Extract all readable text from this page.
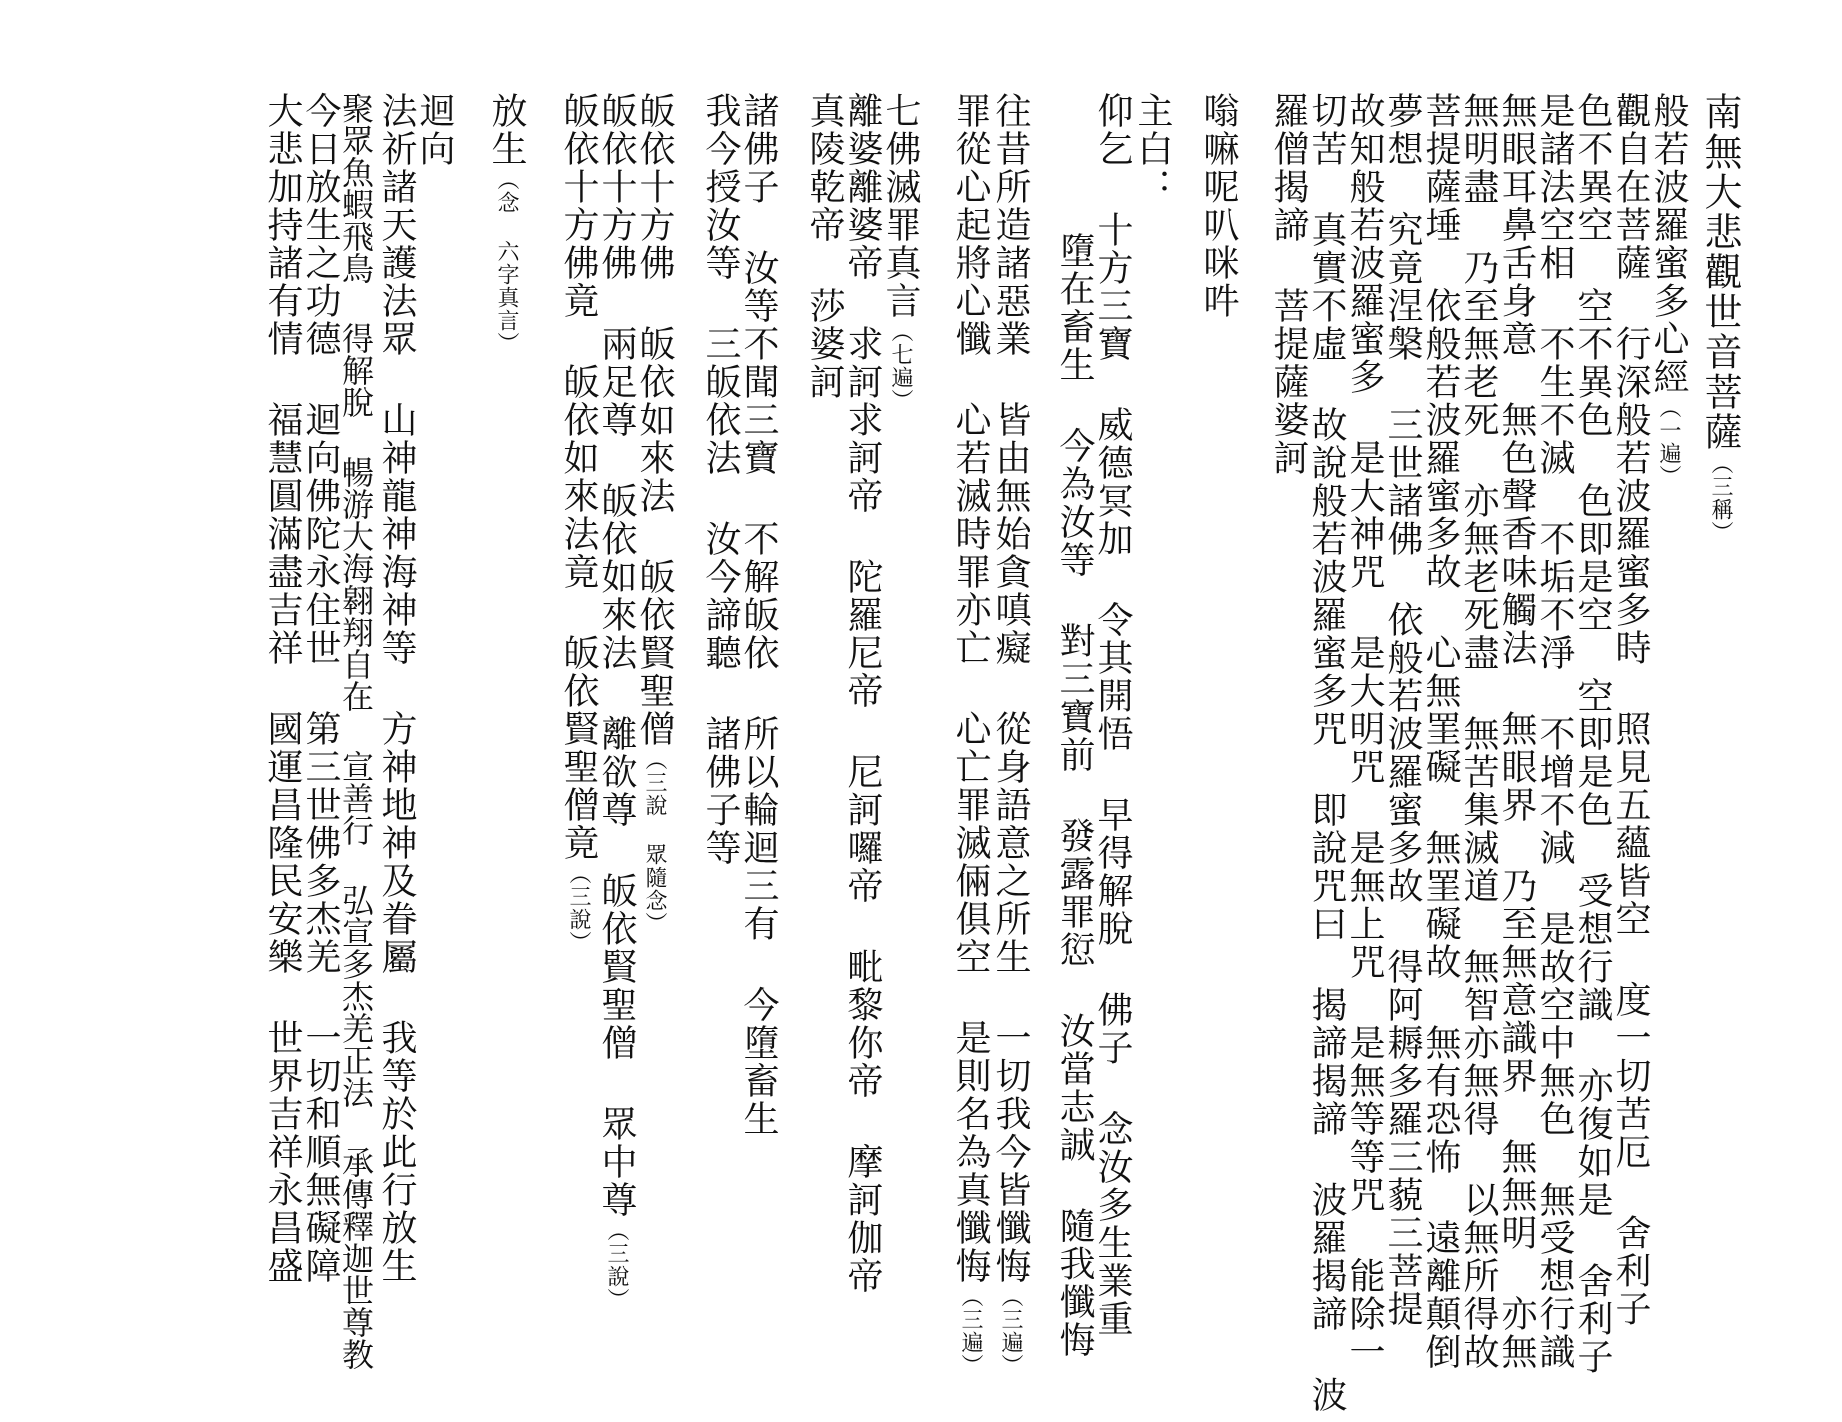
南無大悲觀世音菩薩（三稱）
般若波羅蜜多心經（一遍）
觀自在菩薩 行深般若波羅蜜多時 照見五蘊皆空 度一切苦厄 舍利子
色不異空 空不異色 色即是空 空即是色 受想行識 亦復如是 舍利子
是諸法空相 不生不滅 不垢不淨 不增不減 是故空中無色 無受想行識
無眼耳鼻舌身意 無色聲香味觸法 無眼界 乃至無意識界 無無明 亦無
無明盡 乃至無老死 亦無老死盡 無苦集滅道 無智亦無得 以無所得故
菩提薩埵 依般若波羅蜜多故 心無罣礙 無罣礙故 無有恐怖 遠離顛倒
夢想 究竟涅槃 三世諸佛 依般若波羅蜜多故 得阿耨多羅三藐三菩提
故知般若波羅蜜多 是大神咒 是大明咒 是無上咒 是無等等咒 能除一
切苦 真實不虛 故說般若波羅蜜多咒 即說咒曰 揭諦揭諦 波羅揭諦 波
羅僧揭諦 菩提薩婆訶
嗡嘛呢叭咪吽
主白：
仰乞 十方三寶 威德冥加 令其開悟 早得解脫 佛子 念汝多生業重
墮在畜生 今為汝等 對三寶前 發露罪愆 汝當志誠 隨我懺悔
往昔所造諸惡業 皆由無始貪嗔癡 從身語意之所生 一切我今皆懺悔（三遍）
罪從心起將心懺 心若滅時罪亦亡 心亡罪滅倆俱空 是則名為真懺悔（三遍）
七佛滅罪真言（七遍）
離婆離婆帝 求訶求訶帝 陀羅尼帝 尼訶囉帝 毗黎你帝 摩訶伽帝
真陵乾帝 莎婆訶
諸佛子 汝等不聞三寶 不解皈依 所以輪迴三有 今墮畜生
我今授汝等 三皈依法 汝今諦聽 諸佛子等
皈依十方佛 皈依如來法 皈依賢聖僧（三說 眾隨念）
皈依十方佛 兩足尊 皈依如來法 離欲尊 皈依賢聖僧 眾中尊（三說）
皈依十方佛竟 皈依如來法竟 皈依賢聖僧竟（三說）
放生（念 六字真言）
迴向
法祈諸天護法眾 山神龍神海神等 方神地神及眷屬 我等於此行放生
聚眾魚蝦飛鳥 得解脫 暢游大海翱翔自在 宣善行 弘宣多杰羌正法 承傳釋迦世尊教
今日放生之功德 迴向佛陀永住世 第三世佛多杰羌 一切和順無礙障
大悲加持諸有情 福慧圓滿盡吉祥 國運昌隆民安樂 世界吉祥永昌盛
